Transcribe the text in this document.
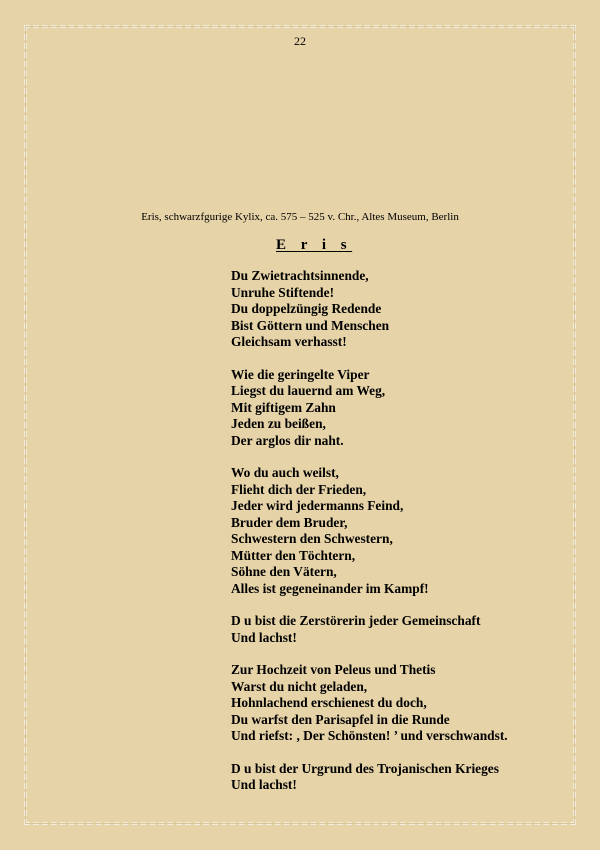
22
Eris, schwarzfgurige Kylix, ca. 575 – 525 v. Chr., Altes Museum, Berlin
E r i s
Du Zwietrachtsinnende,
Unruhe Stiftende!
Du doppelzüngig Redende
Bist Göttern und Menschen
Gleichsam verhasst!
Wie die geringelte Viper
Liegst du lauernd am Weg,
Mit giftigem Zahn
Jeden zu beißen,
Der arglos dir naht.
Wo du auch weilst,
Flieht dich der Frieden,
Jeder wird jedermanns Feind,
Bruder dem Bruder,
Schwestern den Schwestern,
Mütter den Töchtern,
Söhne den Vätern,
Alles ist gegeneinander im Kampf!
D u bist die Zerstörerin jeder Gemeinschaft
Und lachst!
Zur Hochzeit von Peleus und Thetis
Warst du nicht geladen,
Hohnlachend erschienest du doch,
Du warfst den Parisapfel in die Runde
Und riefst: , Der Schönsten! ’ und verschwandst.
D u bist der Urgrund des Trojanischen Krieges
Und lachst!
